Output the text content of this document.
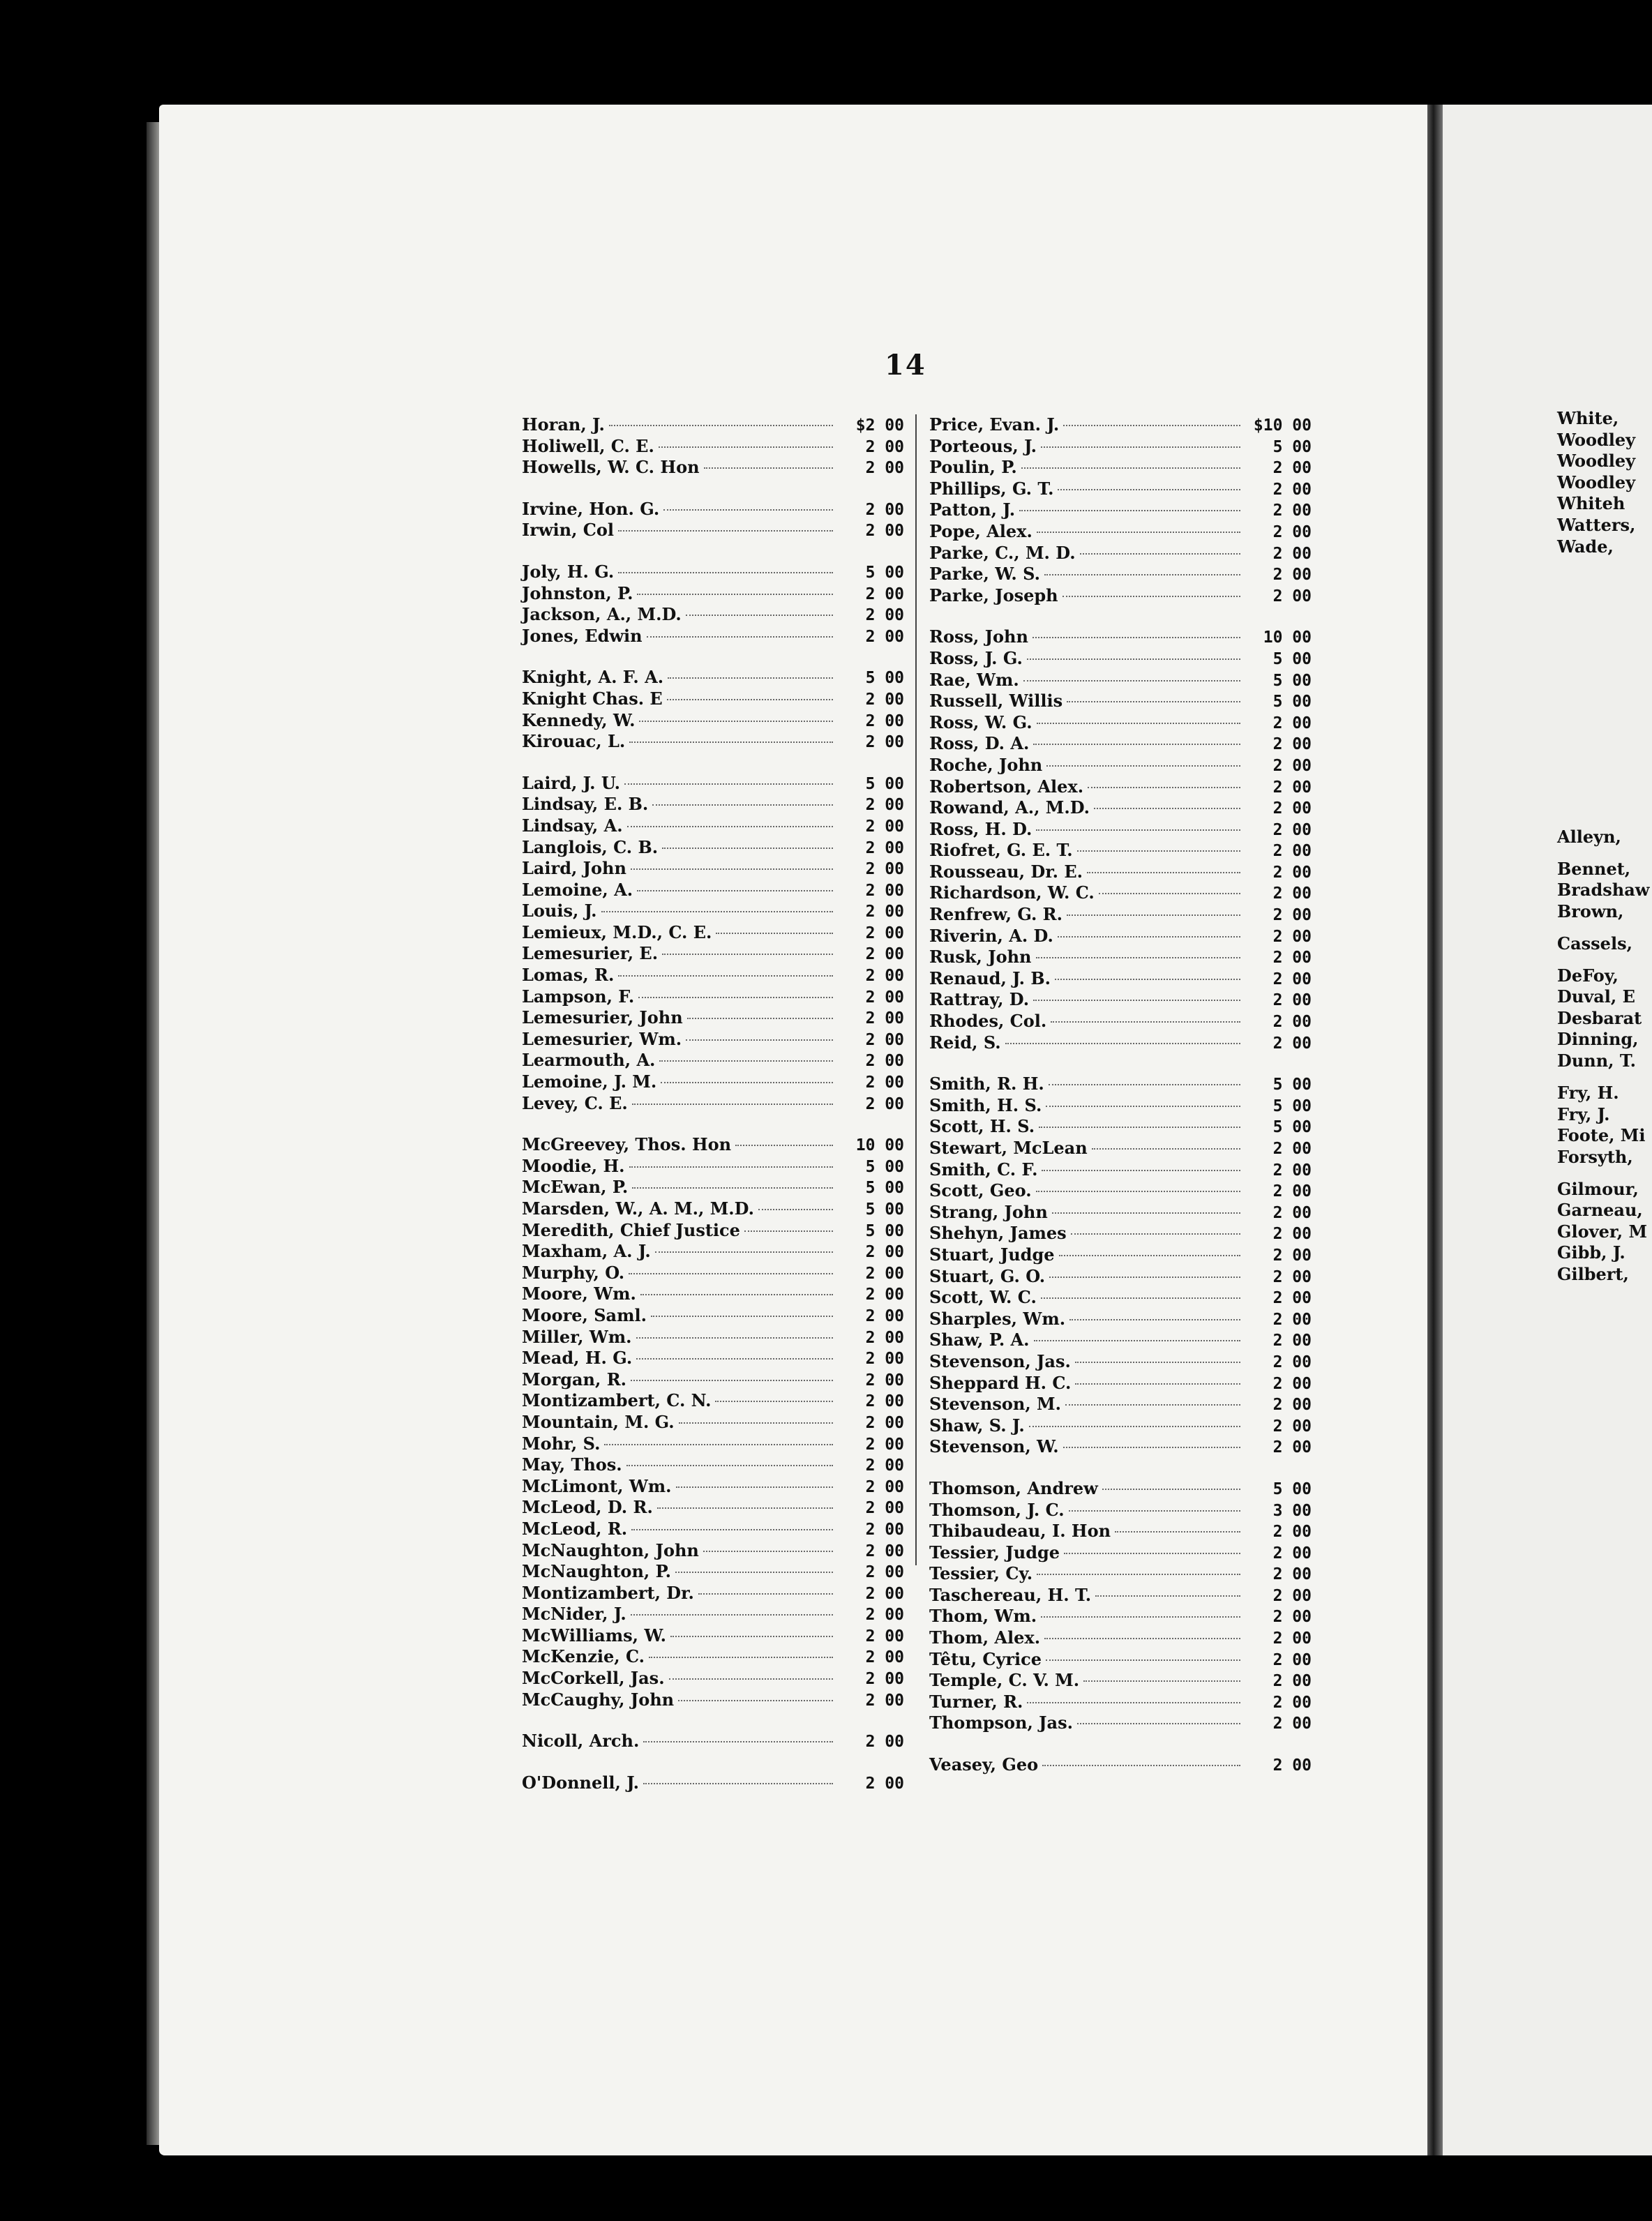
14
Horan, J.	$2 00
Holiwell, C. E.	2 00
Howells, W. C. Hon	2 00
Irvine, Hon. G.	2 00
Irwin, Col	2 00
Joly, H. G.	5 00
Johnston, P.	2 00
Jackson, A., M.D.	2 00
Jones, Edwin	2 00
Knight, A. F. A.	5 00
Knight Chas. E	2 00
Kennedy, W.	2 00
Kirouac, L.	2 00
Laird, J. U.	5 00
Lindsay, E. B.	2 00
Lindsay, A.	2 00
Langlois, C. B.	2 00
Laird, John	2 00
Lemoine, A.	2 00
Louis, J.	2 00
Lemieux, M.D., C. E.	2 00
Lemesurier, E.	2 00
Lomas, R.	2 00
Lampson, F.	2 00
Lemesurier, John	2 00
Lemesurier, Wm.	2 00
Learmouth, A.	2 00
Lemoine, J. M.	2 00
Levey, C. E.	2 00
McGreevey, Thos. Hon	10 00
Moodie, H.	5 00
McEwan, P.	5 00
Marsden, W., A. M., M.D.	5 00
Meredith, Chief Justice	5 00
Maxham, A. J.	2 00
Murphy, O.	2 00
Moore, Wm.	2 00
Moore, Saml.	2 00
Miller, Wm.	2 00
Mead, H. G.	2 00
Morgan, R.	2 00
Montizambert, C. N.	2 00
Mountain, M. G.	2 00
Mohr, S.	2 00
May, Thos.	2 00
McLimont, Wm.	2 00
McLeod, D. R.	2 00
McLeod, R.	2 00
McNaughton, John	2 00
McNaughton, P.	2 00
Montizambert, Dr.	2 00
McNider, J.	2 00
McWilliams, W.	2 00
McKenzie, C.	2 00
McCorkell, Jas.	2 00
McCaughy, John	2 00
Nicoll, Arch.	2 00
O'Donnell, J.	2 00
Price, Evan. J.	$10 00
Porteous, J.	5 00
Poulin, P.	2 00
Phillips, G. T.	2 00
Patton, J.	2 00
Pope, Alex.	2 00
Parke, C., M. D.	2 00
Parke, W. S.	2 00
Parke, Joseph	2 00
Ross, John	10 00
Ross, J. G.	5 00
Rae, Wm.	5 00
Russell, Willis	5 00
Ross, W. G.	2 00
Ross, D. A.	2 00
Roche, John	2 00
Robertson, Alex.	2 00
Rowand, A., M.D.	2 00
Ross, H. D.	2 00
Riofret, G. E. T.	2 00
Rousseau, Dr. E.	2 00
Richardson, W. C.	2 00
Renfrew, G. R.	2 00
Riverin, A. D.	2 00
Rusk, John	2 00
Renaud, J. B.	2 00
Rattray, D.	2 00
Rhodes, Col.	2 00
Reid, S.	2 00
Smith, R. H.	5 00
Smith, H. S.	5 00
Scott, H. S.	5 00
Stewart, McLean	2 00
Smith, C. F.	2 00
Scott, Geo.	2 00
Strang, John	2 00
Shehyn, James	2 00
Stuart, Judge	2 00
Stuart, G. O.	2 00
Scott, W. C.	2 00
Sharples, Wm.	2 00
Shaw, P. A.	2 00
Stevenson, Jas.	2 00
Sheppard H. C.	2 00
Stevenson, M.	2 00
Shaw, S. J.	2 00
Stevenson, W.	2 00
Thomson, Andrew	5 00
Thomson, J. C.	3 00
Thibaudeau, I. Hon	2 00
Tessier, Judge	2 00
Tessier, Cy.	2 00
Taschereau, H. T.	2 00
Thom, Wm.	2 00
Thom, Alex.	2 00
Têtu, Cyrice	2 00
Temple, C. V. M.	2 00
Turner, R.	2 00
Thompson, Jas.	2 00
Veasey, Geo	2 00
White,
Woodley
Woodley
Woodley
Whiteh
Watters,
Wade,
Alleyn,
Bennet,
Bradshaw
Brown,
Cassels,
DeFoy,
Duval, E
Desbarat
Dinning,
Dunn, T.
Fry, H.
Fry, J.
Foote, Mi
Forsyth,
Gilmour,
Garneau,
Glover, M
Gibb, J.
Gilbert,
